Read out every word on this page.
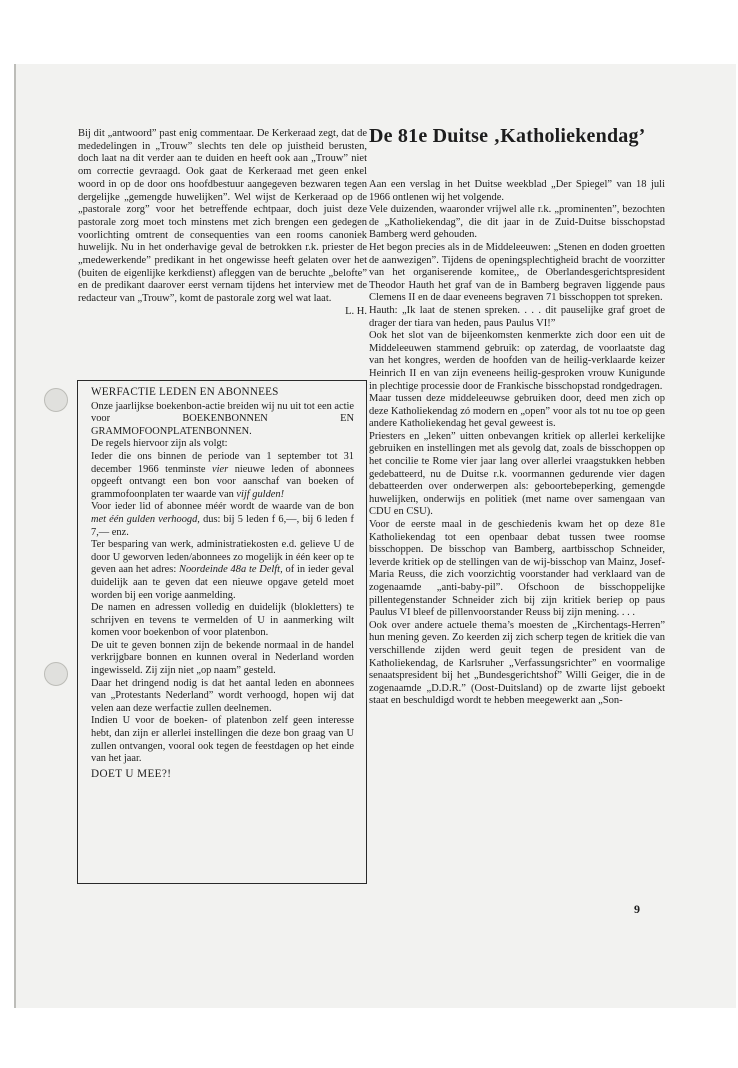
Bij dit „antwoord” past enig commentaar. De Kerkeraad zegt, dat de mededelingen in „Trouw” slechts ten dele op juistheid berusten, doch laat na dit verder aan te duiden en heeft ook aan „Trouw” niet om correctie gevraagd. Ook gaat de Kerkeraad met geen enkel woord in op de door ons hoofdbestuur aangegeven bezwaren tegen dergelijke „gemengde huwelijken”. Wel wijst de Kerkeraad op de „pastorale zorg” voor het betreffende echtpaar, doch juist deze pastorale zorg moet toch minstens met zich brengen een gedegen voorlichting omtrent de consequenties van een rooms canoniek huwelijk. Nu in het onderhavige geval de betrokken r.k. priester de „medewerkende” predikant in het ongewisse heeft gelaten over het (buiten de eigenlijke kerkdienst) afleggen van de beruchte „belofte” en de predikant daarover eerst vernam tijdens het interview met de redacteur van „Trouw”, komt de pastorale zorg wel wat laat.

L. H.

WERFACTIE LEDEN EN ABONNEES

Onze jaarlijkse boekenbon-actie breiden wij nu uit tot een actie voor BOEKENBONNEN EN GRAMMOFOONPLATENBONNEN.

De regels hiervoor zijn als volgt:

Ieder die ons binnen de periode van 1 september tot 31 december 1966 tenminste vier nieuwe leden of abonnees opgeeft ontvangt een bon voor aanschaf van boeken of grammofoonplaten ter waarde van vijf gulden!

Voor ieder lid of abonnee méér wordt de waarde van de bon met één gulden verhoogd, dus: bij 5 leden f 6,—, bij 6 leden f 7,— enz.

Ter besparing van werk, administratiekosten e.d. gelieve U de door U geworven leden/abonnees zo mogelijk in één keer op te geven aan het adres: Noordeinde 48a te Delft, of in ieder geval duidelijk aan te geven dat een nieuwe opgave geteld moet worden bij een vorige aanmelding.

De namen en adressen volledig en duidelijk (blokletters) te schrijven en tevens te vermelden of U in aanmerking wilt komen voor boekenbon of voor platenbon.

De uit te geven bonnen zijn de bekende normaal in de handel verkrijgbare bonnen en kunnen overal in Nederland worden ingewisseld. Zij zijn niet „op naam” gesteld.

Daar het dringend nodig is dat het aantal leden en abonnees van „Protestants Nederland” wordt verhoogd, hopen wij dat velen aan deze werfactie zullen deelnemen.

Indien U voor de boeken- of platenbon zelf geen interesse hebt, dan zijn er allerlei instellingen die deze bon graag van U zullen ontvangen, vooral ook tegen de feestdagen op het einde van het jaar.

DOET U MEE?!

De 81e Duitse ‚Katholiekendag’

Aan een verslag in het Duitse weekblad „Der Spiegel” van 18 juli 1966 ontlenen wij het volgende.

Vele duizenden, waaronder vrijwel alle r.k. „prominenten”, bezochten de „Katholiekendag”, die dit jaar in de Zuid-Duitse bisschopstad Bamberg werd gehouden.

Het begon precies als in de Middeleeuwen: „Stenen en doden groetten de aanwezigen”. Tijdens de openingsplechtigheid bracht de voorzitter van het organiserende komitee,, de Oberlandesgerichtspresident Theodor Hauth het graf van de in Bamberg begraven liggende paus Clemens II en de daar eveneens begraven 71 bisschoppen tot spreken.

Hauth: „Ik laat de stenen spreken. . . . dit pauselijke graf groet de drager der tiara van heden, paus Paulus VI!”

Ook het slot van de bijeenkomsten kenmerkte zich door een uit de Middeleeuwen stammend gebruik: op zaterdag, de voorlaatste dag van het kongres, werden de hoofden van de heilig-verklaarde keizer Heinrich II en van zijn eveneens heilig-gesproken vrouw Kunigunde in plechtige processie door de Frankische bisschopstad rondgedragen.

Maar tussen deze middeleeuwse gebruiken door, deed men zich op deze Katholiekendag zó modern en „open” voor als tot nu toe op geen andere Katholiekendag het geval geweest is.

Priesters en „leken” uitten onbevangen kritiek op allerlei kerkelijke gebruiken en instellingen met als gevolg dat, zoals de bisschoppen op het concilie te Rome vier jaar lang over allerlei vraagstukken hebben gedebatteerd, nu de Duitse r.k. voormannen gedurende vier dagen debatteerden over onderwerpen als: geboortebeperking, gemengde huwelijken, onderwijs en politiek (met name over samengaan van CDU en CSU).

Voor de eerste maal in de geschiedenis kwam het op deze 81e Katholiekendag tot een openbaar debat tussen twee roomse bisschoppen. De bisschop van Bamberg, aartbisschop Schneider, leverde kritiek op de stellingen van de wij-bisschop van Mainz, Josef-Maria Reuss, die zich voorzichtig voorstander had verklaard van de zogenaamde „anti-baby-pil”. Ofschoon de bisschoppelijke pillentegenstander Schneider zich bij zijn kritiek beriep op paus Paulus VI bleef de pillenvoorstander Reuss bij zijn mening. . . .

Ook over andere actuele thema’s moesten de „Kirchentags-Herren” hun mening geven. Zo keerden zij zich scherp tegen de kritiek die van verschillende zijden werd geuit tegen de president van de Katholiekendag, de Karlsruher „Verfassungsrichter” en voormalige senaatspresident bij het „Bundesgerichtshof” Willi Geiger, die in de zogenaamde „D.D.R.” (Oost-Duitsland) op de zwarte lijst geboekt staat en beschuldigd wordt te hebben meegewerkt aan „Son-

9
